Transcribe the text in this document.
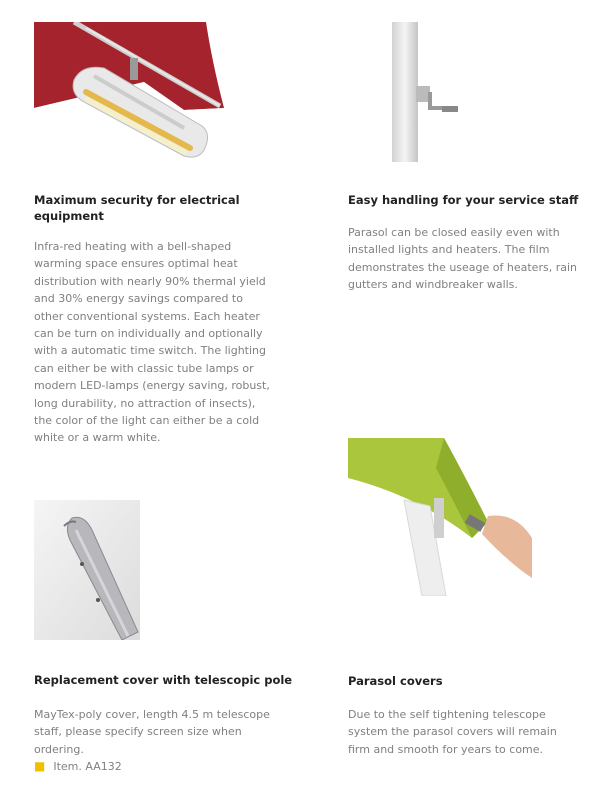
Maximum security for electrical equipment
Infra-red heating with a bell-shaped warming space ensures optimal heat distribution with nearly 90% thermal yield and 30% energy savings compared to other conventional systems. Each heater can be turn on individually and optionally with a automatic time switch. The lighting can either be with classic tube lamps or modern LED-lamps (energy saving, robust, long durability, no attraction of insects), the color of the light can either be a cold white or a warm white.
Easy handling for your service staff
Parasol can be closed easily even with installed lights and heaters. The film demonstrates the useage of heaters, rain gutters and windbreaker walls.
Replacement cover with telescopic pole
MayTex-poly cover, length 4.5 m telescope staff, please specify screen size when ordering.
■ Item. AA132
Parasol covers
Due to the self tightening telescope system the parasol covers will remain firm and smooth for years to come.
